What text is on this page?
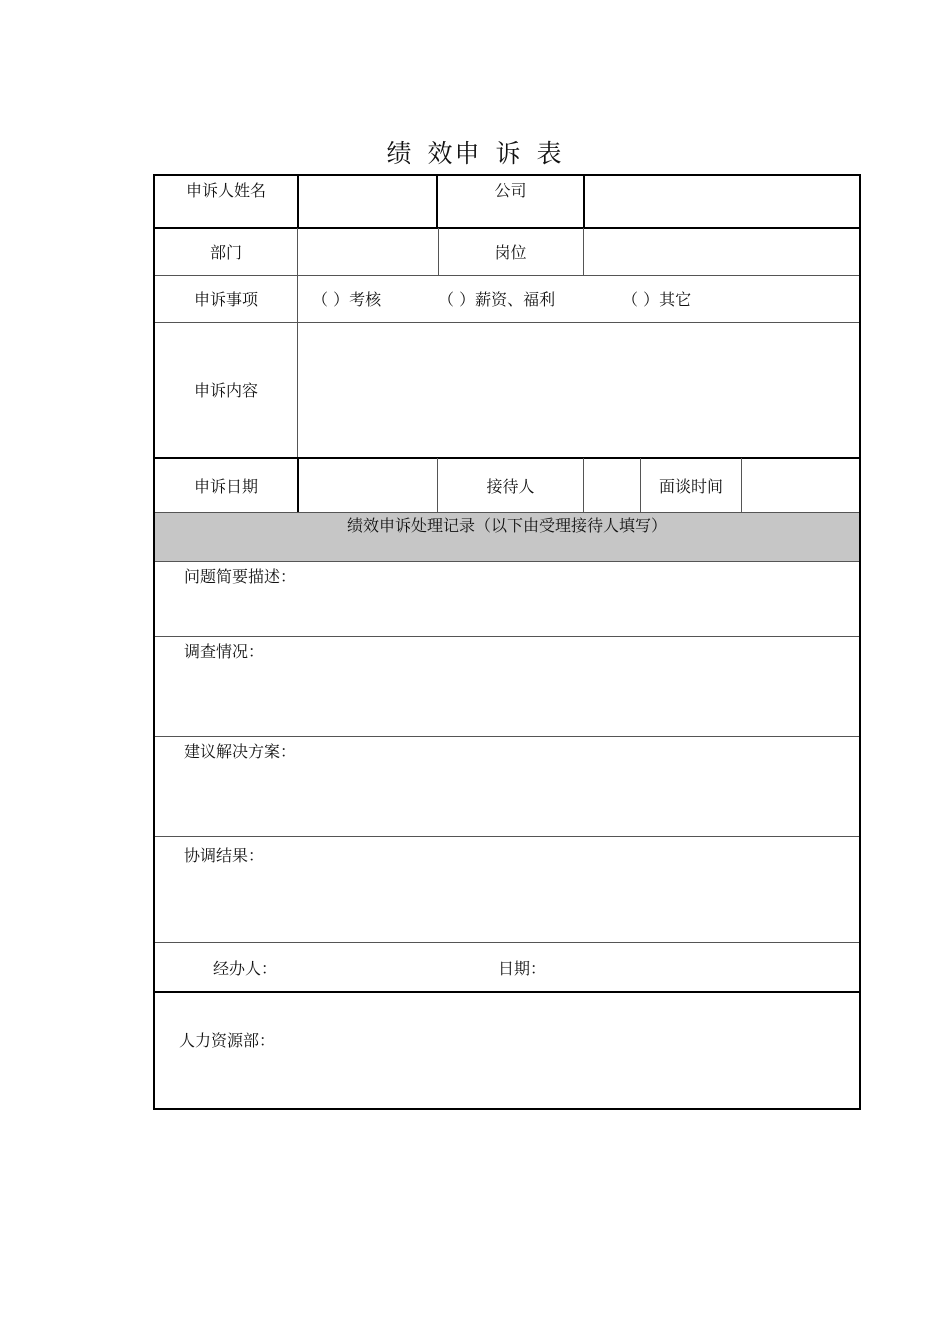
绩 效申 诉 表
申诉人姓名	公司
部门	岗位
申诉事项	（ ）考核	（ ）薪资、福利	（ ）其它
申诉内容
申诉日期	接待人	面谈时间
绩效申诉处理记录（以下由受理接待人填写）
问题简要描述：
调查情况：
建议解决方案：
协调结果：
经办人：	日期：
人力资源部：
